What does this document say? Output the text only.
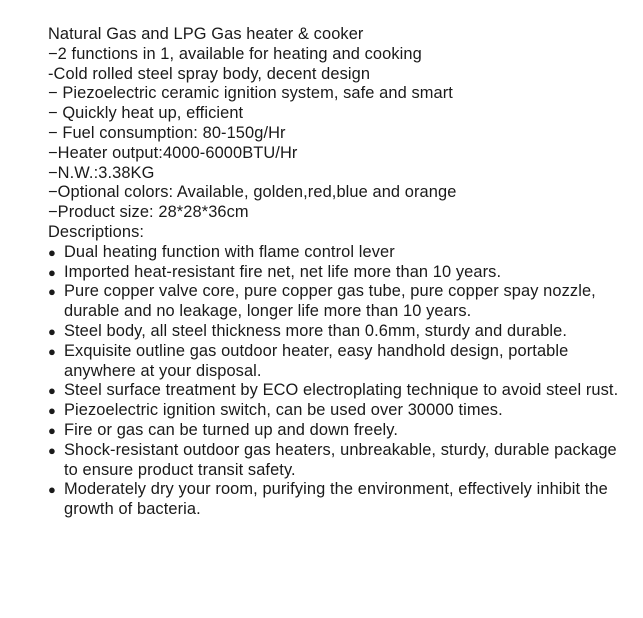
Natural Gas and LPG Gas heater & cooker
−2 functions in 1, available for heating and cooking
-Cold rolled steel spray body, decent design
− Piezoelectric ceramic ignition system, safe and smart
− Quickly heat up, efficient
− Fuel consumption: 80-150g/Hr
−Heater output:4000-6000BTU/Hr
−N.W.:3.38KG
−Optional colors: Available, golden,red,blue and orange
−Product size: 28*28*36cm
Descriptions:
● Dual heating function with flame control lever
● Imported heat-resistant fire net, net life more than 10 years.
● Pure copper valve core, pure copper gas tube, pure copper spay nozzle, durable and no leakage, longer life more than 10 years.
● Steel body, all steel thickness more than 0.6mm, sturdy and durable.
● Exquisite outline gas outdoor heater, easy handhold design, portable anywhere at your disposal.
● Steel surface treatment by ECO electroplating technique to avoid steel rust.
● Piezoelectric ignition switch, can be used over 30000 times.
● Fire or gas can be turned up and down freely.
● Shock-resistant outdoor gas heaters, unbreakable, sturdy, durable package to ensure product transit safety.
● Moderately dry your room, purifying the environment, effectively inhibit the growth of bacteria.
